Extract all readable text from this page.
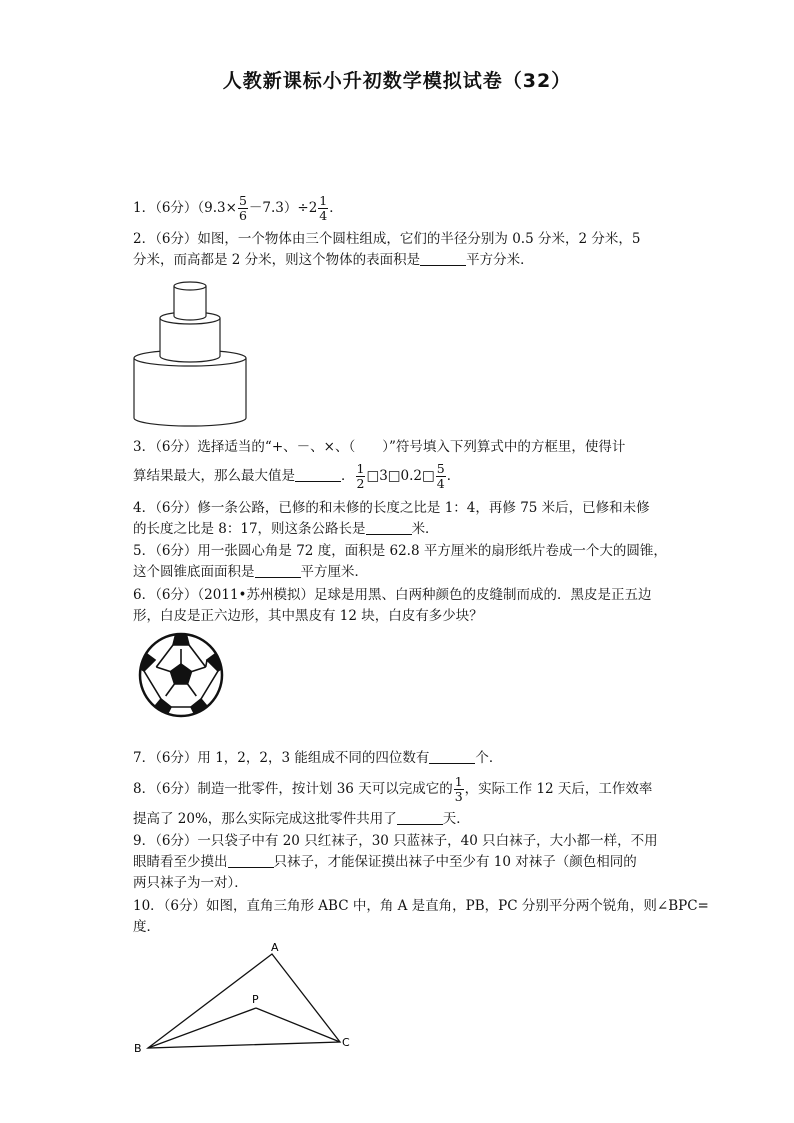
人教新课标小升初数学模拟试卷（32）
1．（6分）$(9.3\times \frac{5}{6} -7.3)\div 2 \frac{1}{4}$ ．
2．（6分）如图，一个物体由三个圆柱组成，它们的半径分别为 0.5 分米，2 分米，5
分米，而高都是 2 分米，则这个物体的表面积是	平方分米．
3．（6分）选择适当的“+、－、×、（　　）”符号填入下列算式中的方框里，使得计
算结果最大，那么最大值是	． $\frac{1}{2}$ □3□0.2□ $\frac{5}{4}$ ．
4．（6分）修一条公路，已修的和未修的长度之比是 1：4，再修 75 米后，已修和未修
的长度之比是 8：17，则这条公路长是	米．
5．（6分）用一张圆心角是 72 度，面积是 62.8 平方厘米的扇形纸片卷成一个大的圆锥，
这个圆锥底面面积是	平方厘米．
6．（6分）（2011•苏州模拟）足球是用黑、白两种颜色的皮缝制而成的．黑皮是正五边
形，白皮是正六边形，其中黑皮有 12 块，白皮有多少块？
7．（6分）用 1，2，2，3 能组成不同的四位数有	个．
8．（6分）制造一批零件，按计划 36 天可以完成它的 $\frac{1}{3}$ ，实际工作 12 天后，工作效率
提高了 20%，那么实际完成这批零件共用了	天．
9．（6分）一只袋子中有 20 只红袜子，30 只蓝袜子，40 只白袜子，大小都一样，不用
眼睛看至少摸出	只袜子，才能保证摸出袜子中至少有 10 对袜子（颜色相同的
两只袜子为一对）．
10．（6分）如图，直角三角形 ABC 中，角 A 是直角，PB，PC 分别平分两个锐角，则∠BPC=
度．
A
B	C
P
